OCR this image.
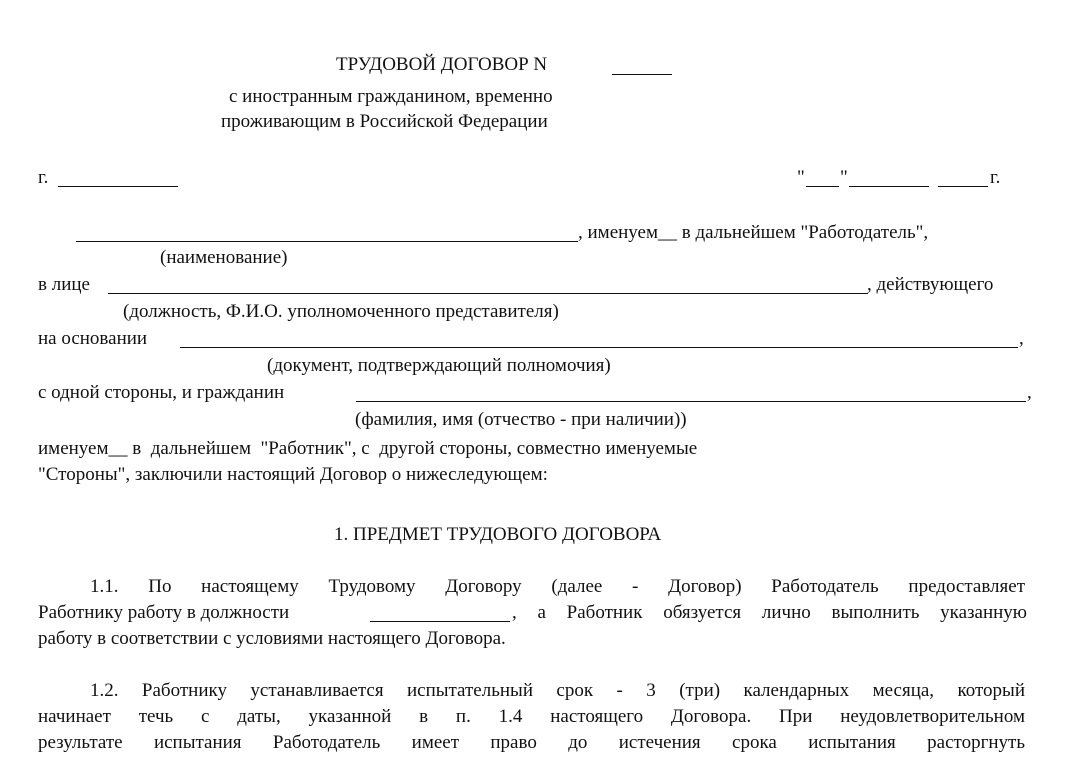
ТРУДОВОЙ ДОГОВОР N
с иностранным гражданином, временно
проживающим в Российской Федерации
г.	" "	г.
, именуем__ в дальнейшем "Работодатель",
(наименование)
в лице	, действующего
(должность, Ф.И.О. уполномоченного представителя)
на основании	,
(документ, подтверждающий полномочия)
с одной стороны, и гражданин	,
(фамилия, имя (отчество - при наличии))
именуем__ в  дальнейшем  "Работник", с  другой стороны, совместно именуемые
"Стороны", заключили настоящий Договор о нижеследующем:
1. ПРЕДМЕТ ТРУДОВОГО ДОГОВОРА
1.1. По настоящему Трудовому Договору (далее - Договор) Работодатель предоставляет
Работнику работу в должности	, а Работник обязуется лично выполнить указанную
работу в соответствии с условиями настоящего Договора.
1.2. Работнику устанавливается испытательный срок - 3 (три) календарных месяца, который
начинает течь с даты, указанной в п. 1.4 настоящего Договора. При неудовлетворительном
результате испытания Работодатель имеет право до истечения срока испытания расторгнуть
